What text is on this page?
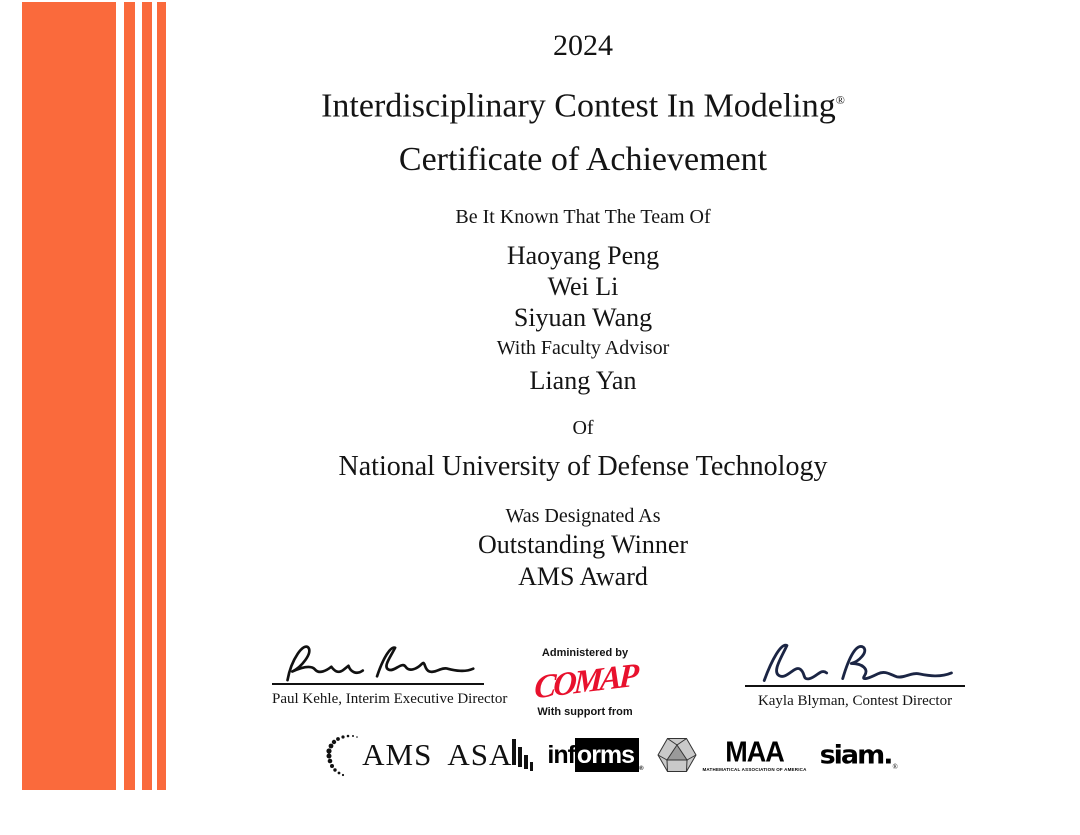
2024
Interdisciplinary Contest In Modeling®
Certificate of Achievement
Be It Known That The Team Of
Haoyang Peng
Wei Li
Siyuan Wang
With Faculty Advisor
Liang Yan
Of
National University of Defense Technology
Was Designated As
Outstanding Winner
AMS Award
Paul Kehle, Interim Executive Director
Administered by
COMAP
With support from
Kayla Blyman, Contest Director
AMS ASA inf orms $_®$
MAA
MATHEMATICAL ASSOCIATION OF AMERICA $siam._®$
